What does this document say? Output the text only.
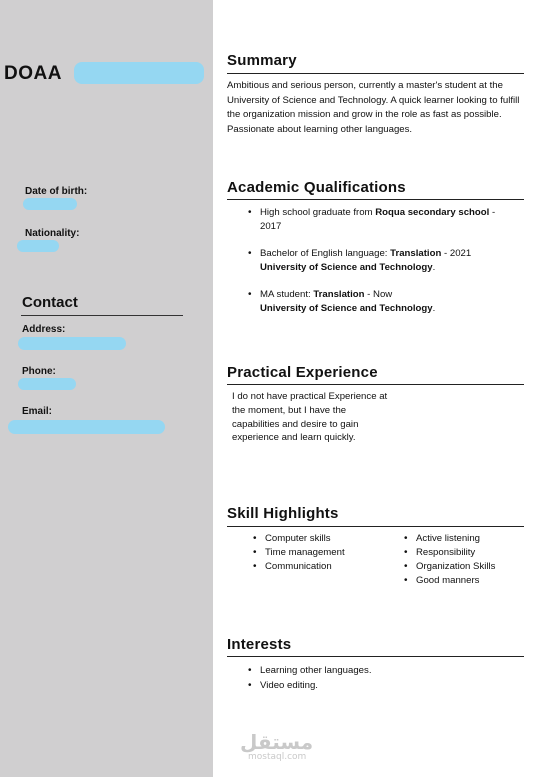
DOAA
Date of birth:
Nationality:
Contact
Address:
Phone:
Email:
Summary
Ambitious and serious person, currently a master's student at the University of Science and Technology. A quick learner looking to fulfill the organization mission and grow in the role as fast as possible. Passionate about learning other languages.
Academic Qualifications
• High school graduate from Roqua secondary school - 2017
• Bachelor of English language: Translation - 2021
University of Science and Technology.
• MA student: Translation - Now
University of Science and Technology.
Practical Experience
I do not have practical Experience at the moment, but I have the capabilities and desire to gain experience and learn quickly.
Skill Highlights
• Computer skills
• Time management
• Communication
• Active listening
• Responsibility
• Organization Skills
• Good manners
Interests
• Learning other languages.
• Video editing.
مستقل
mostaql.com
